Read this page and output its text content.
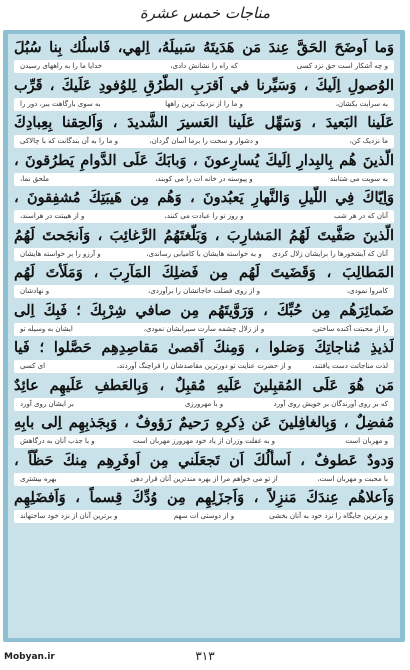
مناجات خمس عشرة
وَما اَوضَحَ الحَقَّ عِندَ مَن هَدَيتَهُ سَبيلَهُ، اِلهي، فَاسلُك بِنا سُبُلَ
و چه آشکار است حق نزد کسی
که راه را نشانش دادی،
خدایا ما را به راههای رسیدن
الوُصولِ اِلَيكَ ، وَسَيِّرنا في اَقرَبِ الطُّرُقِ لِلوُفودِ عَلَيكَ ، قَرِّب
به سرایت بکشان،
و ما را از نزدیک ترین راهها
به سوی بارگاهت ببر، دور را
عَلَينا البَعيدَ ، وَسَهِّل عَلَينا العَسيرَ الشَّديدَ ، وَاَلحِقنا بِعِبادِكَ
ما نزدیک کن،
و دشوار و سخت را برما آسان گردان،
و ما را به آن بندگانت که با چالاکی
الَّذينَ هُم بِالبِدارِ اِلَيكَ يُسارِعونَ ، وَبابَكَ عَلَى الدَّوامِ يَطرُقونَ ،
به سویت می شتابند
و پیوسته در خانه ات را می کوبند،
ملحق نما،
وَاِيّاكَ فِي اللَّيلِ وَالنَّهارِ يَعبُدونَ ، وَهُم مِن هَيبَتِكَ مُشفِقونَ ،
آنان که در هر شب
و روز تو را عبادت می کنند،
و از هیبتت در هراسند،
الَّذينَ صَفَّيتَ لَهُمُ المَشارِبَ ، وَبَلَّغتَهُمُ الرَّغائِبَ ، وَاَنجَحتَ لَهُمُ
آنان که آبشخورها را برایشان زلال کردی
و به خواسته هایشان با کامیابی رساندی،
و آرزو را بر خواسته هایشان
المَطالِبَ ، وَقَضَيتَ لَهُم مِن فَضلِكَ المَآرِبَ ، وَمَلَأتَ لَهُم
کامروا نمودی،
و از روی فضلت حاجاتشان را برآوردی،
و نهادشان
ضَمائِرَهُم مِن حُبِّكَ ، وَرَوَّيتَهُم مِن صافي شِرْبِكَ ؛ فَبِكَ اِلى
را از محبتت آکنده ساختی،
و از زلال چشمه سارت سیرابشان نمودی،
ایشان به وسیله تو
لَذيذِ مُناجاتِكَ وَصَلوا ، وَمِنكَ اَقصىٰ مَقاصِدِهِم حَصَّلوا ؛ فَيا
لذت مناجاتت دست یافتند،
و از حضرت عنایت تو دورترین مقاصدشان را فراچنگ آوردند،
ای کسی
مَن هُوَ عَلَى المُقبِلينَ عَلَيهِ مُقبِلٌ ، وَبِالعَطفِ عَلَيهِم عائِدٌ
که بر روی آورندگان بر خویش روی آورد
و با مهرورزی
بر ایشان روی آورد
مُفضِلٌ ، وَبِالغافِلينَ عَن ذِكرِهِ رَحيمٌ رَؤوفٌ ، وَبِجَذبِهِم اِلى بابِهِ
و مهربان است
و به غفلت وزران از یاد خود مهرورز مهربان است
و با جذب آنان به درگاهش
وَدودٌ عَطوفٌ ، اَسأَلُكَ اَن تَجعَلَني مِن اَوفَرِهِم مِنكَ حَظّاً ،
با محبت و مهربان است،
از تو می خواهم مرا از بهره مندترین آنان قرار دهی
بهره بیشتری
وَاَعلاهُم عِندَكَ مَنزِلاً ، وَاَجزَلِهِم مِن وُدِّكَ قِسماً ، وَاَفضَلِهِم
و برترین جایگاه را نزد خود به آنان بخشی
و از دوستی ات سهم
و برترین آنان از نزد خود ساختهاند
Mobyan.ir	٣١٣
